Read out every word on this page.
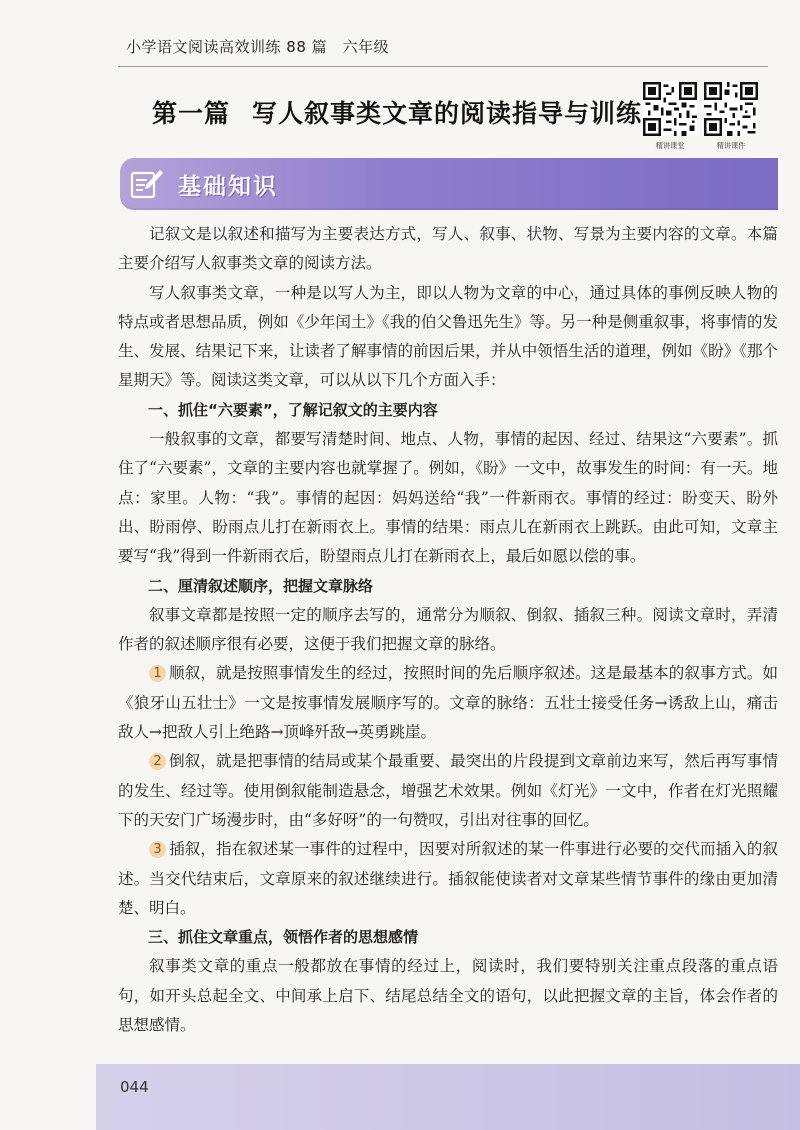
小学语文阅读高效训练 88 篇　六年级
第一篇 写人叙事类文章的阅读指导与训练
精讲课堂	精讲课件
基础知识

记叙文是以叙述和描写为主要表达方式，写人、叙事、状物、写景为主要内容的文章。本篇主要介绍写人叙事类文章的阅读方法。

写人叙事类文章，一种是以写人为主，即以人物为文章的中心，通过具体的事例反映人物的特点或者思想品质，例如《少年闰土》《我的伯父鲁迅先生》等。另一种是侧重叙事，将事情的发生、发展、结果记下来，让读者了解事情的前因后果，并从中领悟生活的道理，例如《盼》《那个星期天》等。阅读这类文章，可以从以下几个方面入手：

一、抓住“六要素”，了解记叙文的主要内容

一般叙事的文章，都要写清楚时间、地点、人物，事情的起因、经过、结果这“六要素”。抓住了“六要素”，文章的主要内容也就掌握了。例如，《盼》一文中，故事发生的时间：有一天。地点：家里。人物：“我”。事情的起因：妈妈送给“我”一件新雨衣。事情的经过：盼变天、盼外出、盼雨停、盼雨点儿打在新雨衣上。事情的结果：雨点儿在新雨衣上跳跃。由此可知，文章主要写“我”得到一件新雨衣后，盼望雨点儿打在新雨衣上，最后如愿以偿的事。

二、厘清叙述顺序，把握文章脉络

叙事文章都是按照一定的顺序去写的，通常分为顺叙、倒叙、插叙三种。阅读文章时，弄清作者的叙述顺序很有必要，这便于我们把握文章的脉络。

1 顺叙，就是按照事情发生的经过，按照时间的先后顺序叙述。这是最基本的叙事方式。如《狼牙山五壮士》一文是按事情发展顺序写的。文章的脉络：五壮士接受任务→诱敌上山，痛击敌人→把敌人引上绝路→顶峰歼敌→英勇跳崖。

2 倒叙，就是把事情的结局或某个最重要、最突出的片段提到文章前边来写，然后再写事情的发生、经过等。使用倒叙能制造悬念，增强艺术效果。例如《灯光》一文中，作者在灯光照耀下的天安门广场漫步时，由“多好呀”的一句赞叹，引出对往事的回忆。

3 插叙，指在叙述某一事件的过程中，因要对所叙述的某一件事进行必要的交代而插入的叙述。当交代结束后，文章原来的叙述继续进行。插叙能使读者对文章某些情节事件的缘由更加清楚、明白。

三、抓住文章重点，领悟作者的思想感情

叙事类文章的重点一般都放在事情的经过上，阅读时，我们要特别关注重点段落的重点语句，如开头总起全文、中间承上启下、结尾总结全文的语句，以此把握文章的主旨，体会作者的思想感情。

044
